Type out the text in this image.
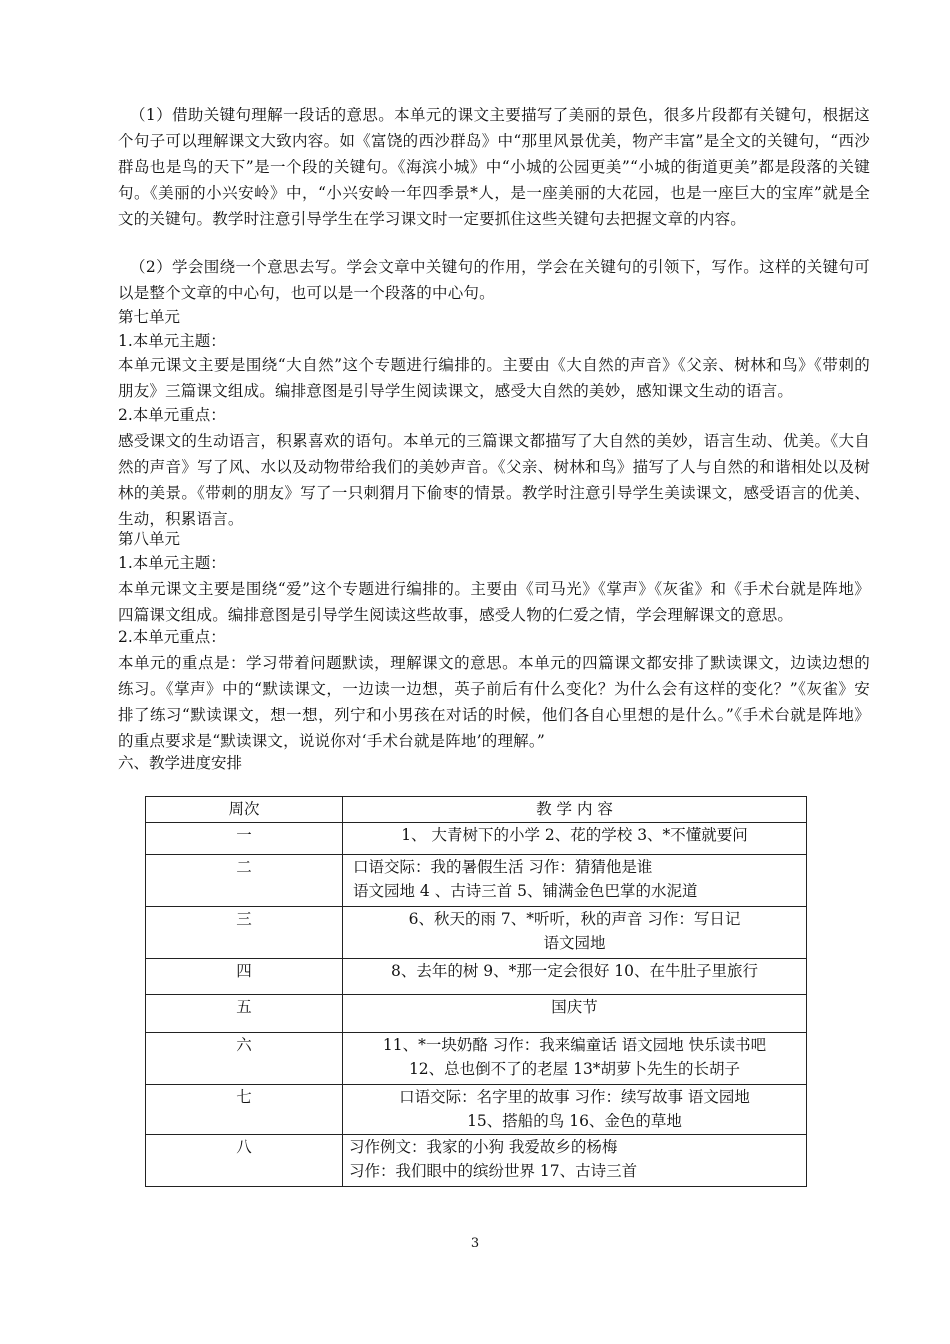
（1）借助关键句理解一段话的意思。本单元的课文主要描写了美丽的景色，很多片段都有关键句，根据这个句子可以理解课文大致内容。如《富饶的西沙群岛》中“那里风景优美，物产丰富”是全文的关键句，“西沙群岛也是鸟的天下”是一个段的关键句。《海滨小城》中“小城的公园更美”“小城的街道更美”都是段落的关键句。《美丽的小兴安岭》中，“小兴安岭一年四季景*人，是一座美丽的大花园，也是一座巨大的宝库”就是全文的关键句。教学时注意引导学生在学习课文时一定要抓住这些关键句去把握文章的内容。

（2）学会围绕一个意思去写。学会文章中关键句的作用，学会在关键句的引领下，写作。这样的关键句可以是整个文章的中心句，也可以是一个段落的中心句。

第七单元

1.本单元主题：

本单元课文主要是围绕“大自然”这个专题进行编排的。主要由《大自然的声音》《父亲、树林和鸟》《带刺的朋友》三篇课文组成。编排意图是引导学生阅读课文，感受大自然的美妙，感知课文生动的语言。

2.本单元重点：

感受课文的生动语言，积累喜欢的语句。本单元的三篇课文都描写了大自然的美妙，语言生动、优美。《大自然的声音》写了风、水以及动物带给我们的美妙声音。《父亲、树林和鸟》描写了人与自然的和谐相处以及树林的美景。《带刺的朋友》写了一只刺猬月下偷枣的情景。教学时注意引导学生美读课文，感受语言的优美、生动，积累语言。

第八单元

1.本单元主题：

本单元课文主要是围绕“爱”这个专题进行编排的。主要由《司马光》《掌声》《灰雀》和《手术台就是阵地》四篇课文组成。编排意图是引导学生阅读这些故事，感受人物的仁爱之情，学会理解课文的意思。

2.本单元重点：

本单元的重点是：学习带着问题默读，理解课文的意思。本单元的四篇课文都安排了默读课文，边读边想的练习。《掌声》中的“默读课文，一边读一边想，英子前后有什么变化？为什么会有这样的变化？”《灰雀》安排了练习“默读课文，想一想，列宁和小男孩在对话的时候，他们各自心里想的是什么。”《手术台就是阵地》的重点要求是“默读课文，说说你对‘手术台就是阵地’的理解。”

六、教学进度安排

周次	教 学 内 容
一	1、 大青树下的小学 2、花的学校 3、*不懂就要问

二	口语交际：我的暑假生活 习作：猜猜他是谁
语文园地 4 、古诗三首 5、铺满金色巴掌的水泥道

三	6、秋天的雨 7、*听听，秋的声音 习作：写日记
语文园地

四	8、去年的树 9、*那一定会很好 10、在牛肚子里旅行

五	国庆节

六	11、*一块奶酪 习作：我来编童话 语文园地 快乐读书吧
12、总也倒不了的老屋 13*胡萝卜先生的长胡子

七	口语交际：名字里的故事 习作：续写故事 语文园地
15、搭船的鸟 16、金色的草地

八	习作例文：我家的小狗 我爱故乡的杨梅
习作：我们眼中的缤纷世界 17、古诗三首
3
